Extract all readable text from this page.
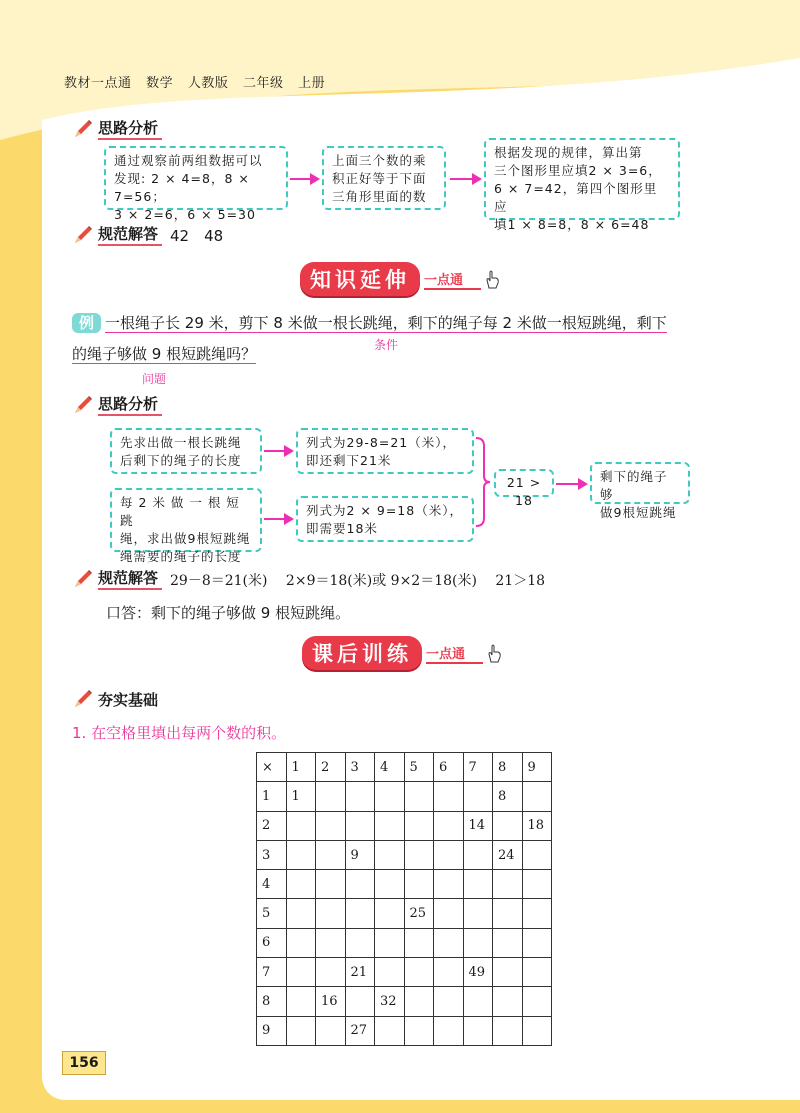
教材一点通 数学 人教版 二年级 上册
思路分析
通过观察前两组数据可以
发现: 2 × 4=8，8 × 7=56；
3 × 2=6，6 × 5=30
上面三个数的乘
积正好等于下面
三角形里面的数
根据发现的规律，算出第
三个图形里应填2 × 3=6，
6 × 7=42，第四个图形里应
填1 × 8=8，8 × 6=48
规范解答 42　48
知识延伸	一点通
例 一根绳子长 29 米，剪下 8 米做一根长跳绳，剩下的绳子每 2 米做一根短跳绳，剩下
的绳子够做 9 根短跳绳吗？	条件
问题
思路分析
先求出做一根长跳绳
后剩下的绳子的长度
列式为29-8=21（米），
即还剩下21米
每 2 米 做 一 根 短 跳
绳，求出做9根短跳绳
绳需要的绳子的长度
列式为2 × 9=18（米），
即需要18米
21 > 18
剩下的绳子够
做9根短跳绳
规范解答 29－8＝21(米)　 2×9＝18(米)或 9×2＝18(米)　 21＞18
口答：剩下的绳子够做 9 根短跳绳。
课后训练	一点通
夯实基础
1. 在空格里填出每两个数的积。
×	1	2	3	4	5	6	7	8	9
1	1							8	
2							14		18
3			9					24	
4									
5					25				
6									
7			21				49		
8		16		32					
9			27						
156
